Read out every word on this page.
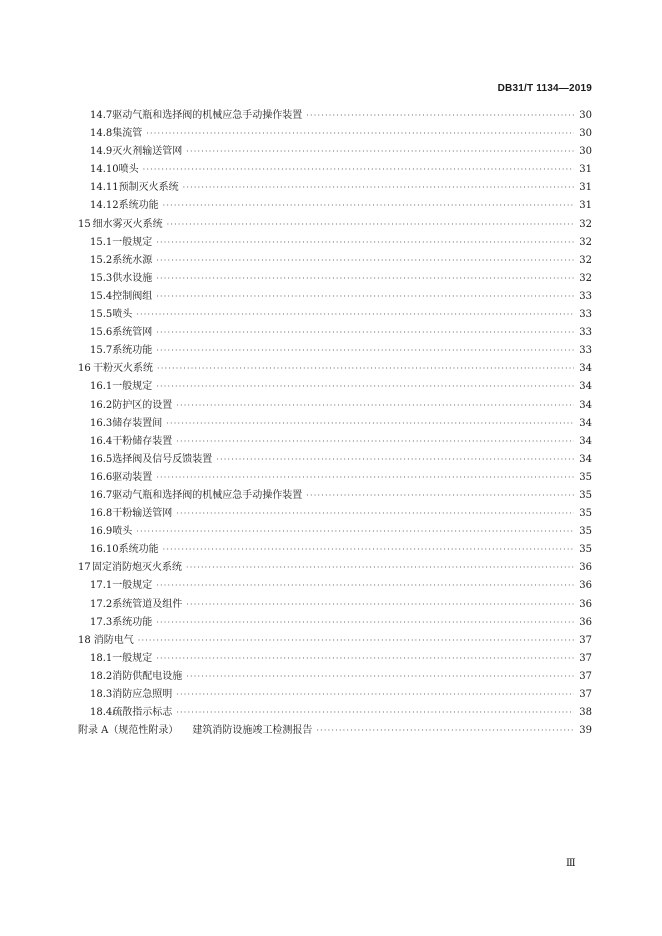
DB31/T 1134—2019
14.7 驱动气瓶和选择阀的机械应急手动操作装置 ·····	30
14.8 集流管 ·····	30
14.9 灭火剂输送管网 ·····	30
14.10 喷头 ·····	31
14.11 预制灭火系统 ·····	31
14.12 系统功能 ·····	31
15 细水雾灭火系统 ·····	32
15.1 一般规定 ·····	32
15.2 系统水源 ·····	32
15.3 供水设施 ·····	32
15.4 控制阀组 ·····	33
15.5 喷头 ·····	33
15.6 系统管网 ·····	33
15.7 系统功能 ·····	33
16 干粉灭火系统 ·····	34
16.1 一般规定 ·····	34
16.2 防护区的设置 ·····	34
16.3 储存装置间 ·····	34
16.4 干粉储存装置 ·····	34
16.5 选择阀及信号反馈装置 ·····	34
16.6 驱动装置 ·····	35
16.7 驱动气瓶和选择阀的机械应急手动操作装置 ·····	35
16.8 干粉输送管网 ·····	35
16.9 喷头 ·····	35
16.10 系统功能 ·····	35
17 固定消防炮灭火系统 ·····	36
17.1 一般规定 ·····	36
17.2 系统管道及组件 ·····	36
17.3 系统功能 ·····	36
18 消防电气 ·····	37
18.1 一般规定 ·····	37
18.2 消防供配电设施 ·····	37
18.3 消防应急照明 ·····	37
18.4 疏散指示标志 ·····	38
附录 A（规范性附录） 建筑消防设施竣工检测报告 ·····	39
Ⅲ
